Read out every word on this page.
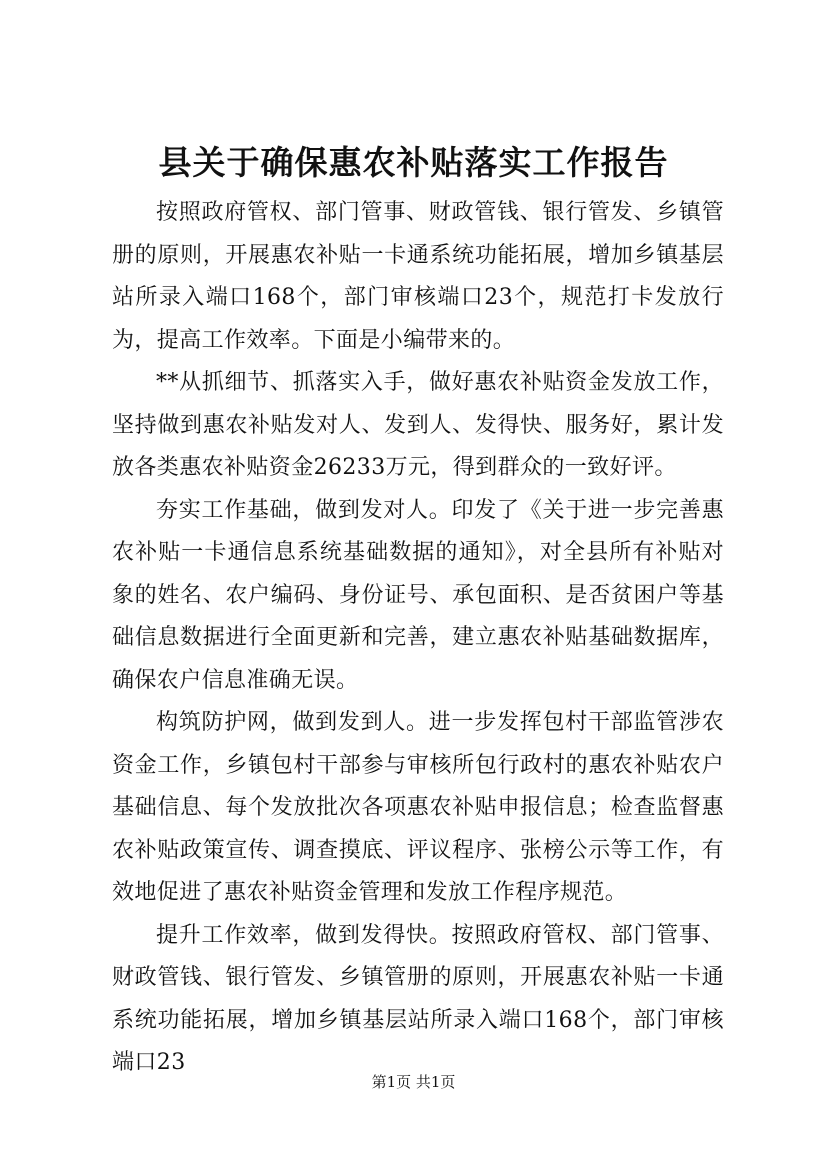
县关于确保惠农补贴落实工作报告

按照政府管权、部门管事、财政管钱、银行管发、乡镇管册的原则，开展惠农补贴一卡通系统功能拓展，增加乡镇基层站所录入端口168个，部门审核端口23个，规范打卡发放行为，提高工作效率。下面是小编带来的。

**从抓细节、抓落实入手，做好惠农补贴资金发放工作，坚持做到惠农补贴发对人、发到人、发得快、服务好，累计发放各类惠农补贴资金26233万元，得到群众的一致好评。

夯实工作基础，做到发对人。印发了《关于进一步完善惠农补贴一卡通信息系统基础数据的通知》，对全县所有补贴对象的姓名、农户编码、身份证号、承包面积、是否贫困户等基础信息数据进行全面更新和完善，建立惠农补贴基础数据库，确保农户信息准确无误。

构筑防护网，做到发到人。进一步发挥包村干部监管涉农资金工作，乡镇包村干部参与审核所包行政村的惠农补贴农户基础信息、每个发放批次各项惠农补贴申报信息；检查监督惠农补贴政策宣传、调查摸底、评议程序、张榜公示等工作，有效地促进了惠农补贴资金管理和发放工作程序规范。

提升工作效率，做到发得快。按照政府管权、部门管事、财政管钱、银行管发、乡镇管册的原则，开展惠农补贴一卡通系统功能拓展，增加乡镇基层站所录入端口168个，部门审核端口23

第1页 共1页
